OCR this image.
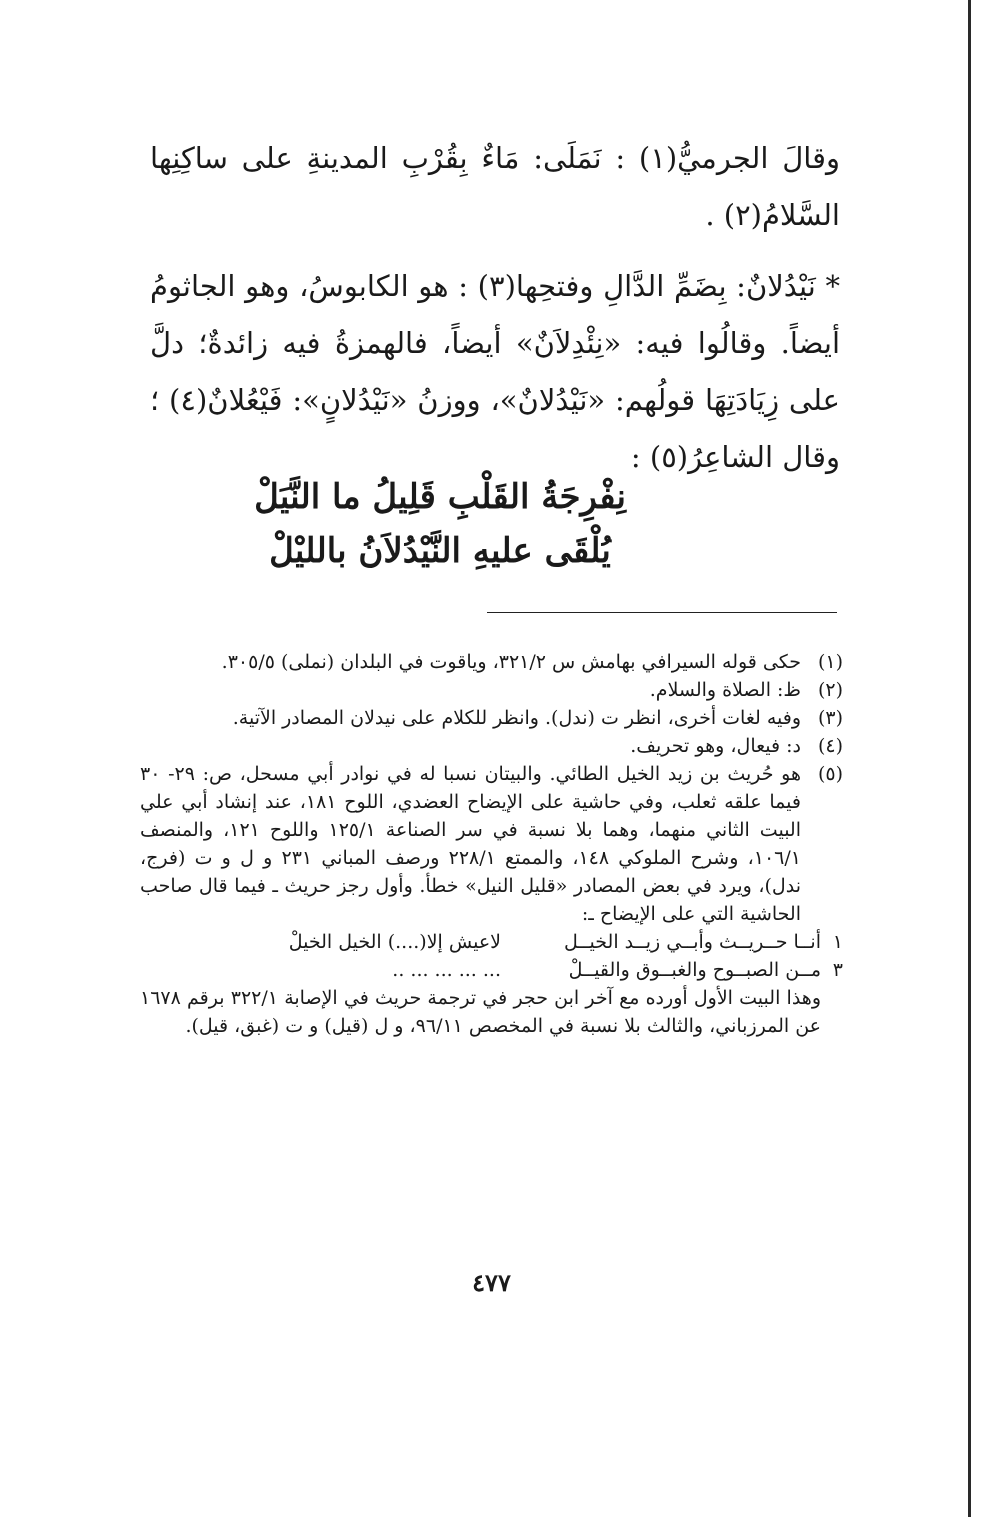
وقالَ الجرميُّ(١) : نَمَلَى: مَاءٌ بِقُرْبِ المدينةِ على ساكِنِها السَّلامُ(٢) .

* نَيْدُلانٌ: بِضَمِّ الدَّالِ وفتحِها(٣) : هو الكابوسُ، وهو الجاثومُ أيضاً. وقالُوا فيه: «نِئْدِلاَنٌ» أيضاً، فالهمزةُ فيه زائدةٌ؛ دلَّ على زِيَادَتِهَا قولُهم: «نَيْدُلانٌ»، ووزنُ «نَيْدُلانٍ»: فَيْعُلانٌ(٤) ؛ وقال الشاعِرُ(٥) :

نِفْرِجَةُ القَلْبِ قَلِيلُ ما النَّيَلْ
يُلْقَى عليهِ النَّيْدُلاَنُ بالليْلْ
(١)
حكى قوله السيرافي بهامش س ٣٢١/٢، وياقوت في البلدان (نملى) ٣٠٥/٥.
(٢)
ظ: الصلاة والسلام.
(٣)
وفيه لغات أخرى، انظر ت (ندل). وانظر للكلام على نيدلان المصادر الآتية.
(٤)
د: فيعال، وهو تحريف.
(٥)
هو حُريث بن زيد الخيل الطائي. والبيتان نسبا له في نوادر أبي مسحل، ص: ٢٩- ٣٠ فيما علقه ثعلب، وفي حاشية على الإيضاح العضدي، اللوح ١٨١، عند إنشاد أبي علي البيت الثاني منهما، وهما بلا نسبة في سر الصناعة ١٢٥/١ واللوح ١٢١، والمنصف ١٠٦/١، وشرح الملوكي ١٤٨، والممتع ٢٢٨/١ ورصف المباني ٢٣١ و ل و ت (فرج، ندل)، ويرد في بعض المصادر «قليل النيل» خطأ. وأول رجز حريث ـ فيما قال صاحب الحاشية التي على الإيضاح ـ:
١
أنــا حــريــث وأبــي زيــد الخيــل
لاعيش إلا(....) الخيل الخيلْ
٣
مــن الصبــوح والغبــوق والقيــلْ
... ... ... ... ..
وهذا البيت الأول أورده مع آخر ابن حجر في ترجمة حريث في الإصابة ٣٢٢/١ برقم ١٦٧٨ عن المرزباني، والثالث بلا نسبة في المخصص ٩٦/١١، و ل (قيل) و ت (غبق، قيل).
٤٧٧
